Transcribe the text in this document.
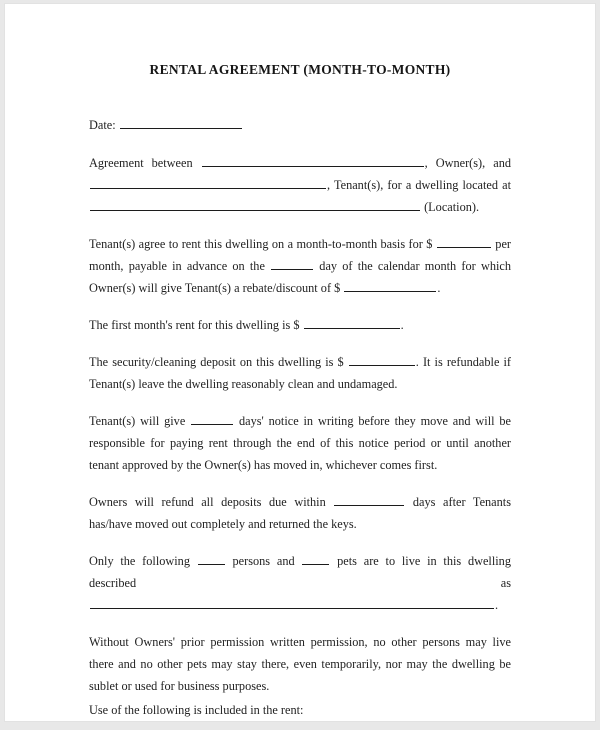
RENTAL AGREEMENT (MONTH-TO-MONTH)

Date:

Agreement between	, Owner(s), and , Tenant(s), for a dwelling located at  (Location).

Tenant(s) agree to rent this dwelling on a month-to-month basis for $	per month, payable in advance on the	day of the calendar month for which Owner(s) will give Tenant(s) a rebate/discount of $	.

The first month's rent for this dwelling is $	.

The security/cleaning deposit on this dwelling is $	. It is refundable if Tenant(s) leave the dwelling reasonably clean and undamaged.

Tenant(s) will give	days' notice in writing before they move and will be responsible for paying rent through the end of this notice period or until another tenant approved by the Owner(s) has moved in, whichever comes first.

Owners will refund all deposits due within	days after Tenants has/have moved out completely and returned the keys.

Only the following  persons and  pets are to live in this dwelling described as .

Without Owners' prior permission written permission, no other persons may live there and no other pets may stay there, even temporarily, nor may the dwelling be sublet or used for business purposes.

Use of the following is included in the rent:
